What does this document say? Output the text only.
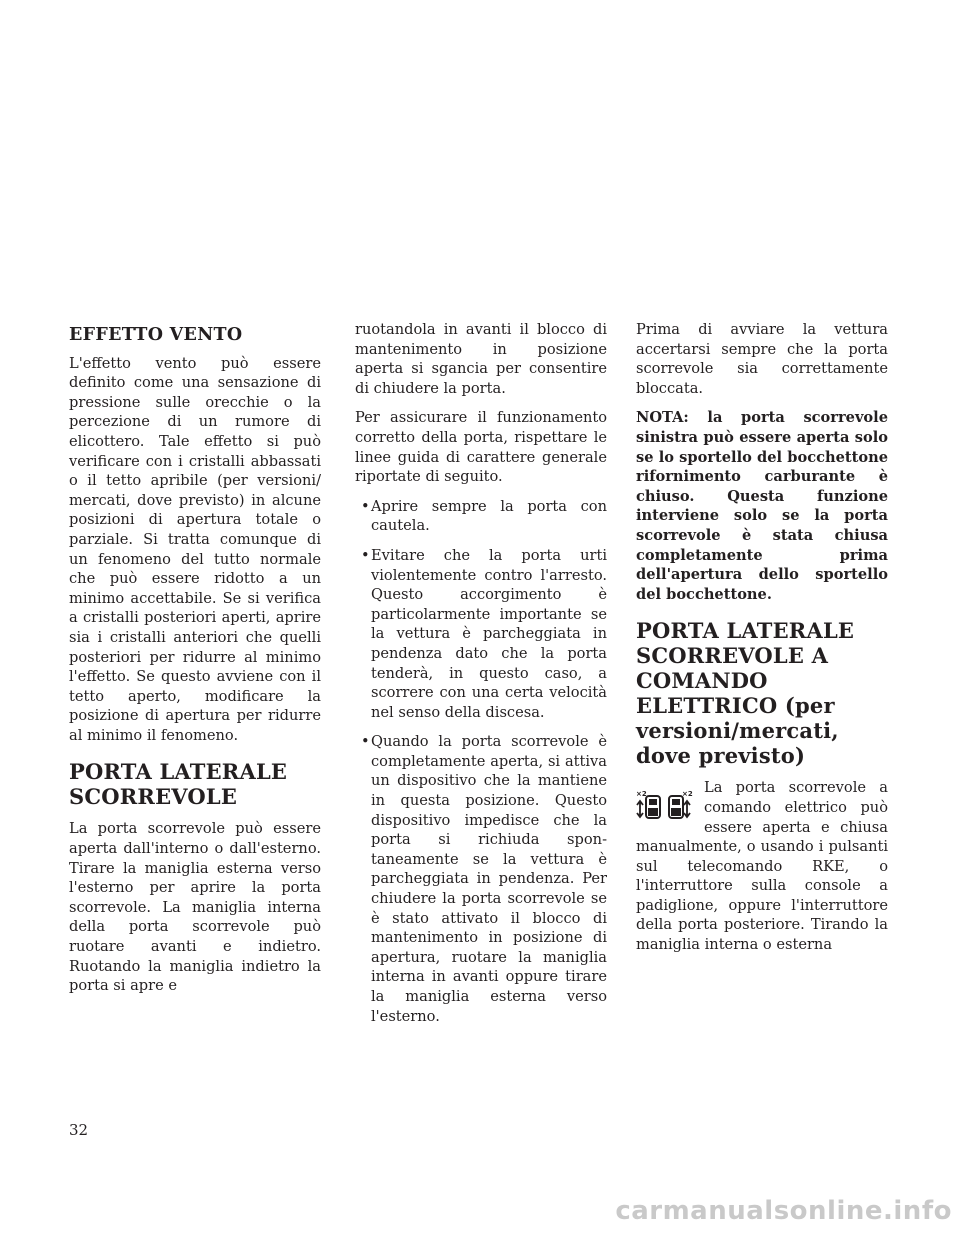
EFFETTO VENTO

L'effetto vento può essere definito come una sensazione di pressione sulle orecchie o la percezione di un rumore di elicottero. Tale effetto si può verificare con i cristalli abbassati o il tetto apribile (per versioni/ mercati, dove previsto) in alcune posizioni di apertura totale o parziale. Si tratta comunque di un fenomeno del tutto normale che può essere ridotto a un minimo accettabile. Se si verifica a cristalli posteriori aperti, aprire sia i cristalli anteriori che quelli posteriori per ridurre al minimo l'effetto. Se questo avviene con il tetto aperto, modificare la posizione di apertura per ridurre al minimo il fenomeno.

PORTA LATERALE SCORREVOLE

La porta scorrevole può essere aperta dall'interno o dall'esterno. Tirare la maniglia esterna verso l'esterno per aprire la porta scorrevole. La maniglia interna della porta scorrevole può ruotare avanti e indietro. Ruotando la maniglia indietro la porta si apre e

ruotandola in avanti il blocco di mantenimento in posizione aperta si sgancia per consentire di chiudere la porta.

Per assicurare il funzionamento corretto della porta, rispettare le linee guida di carattere generale riportate di seguito.

•Aprire sempre la porta con cautela.
•Evitare che la porta urti violentemente contro l'arresto. Questo accorgimento è particolarmente importante se la vettura è parcheggiata in pendenza dato che la porta tenderà, in questo caso, a scorrere con una certa velocità nel senso della discesa.
•Quando la porta scorrevole è completamente aperta, si attiva un dispositivo che la mantiene in questa posizione. Questo dispositivo impedisce che la porta si richiuda spontaneamente se la vettura è parcheggiata in pendenza. Per chiudere la porta scorrevole se è stato attivato il blocco di mantenimento in posizione di apertura, ruotare la maniglia interna in avanti oppure tirare la maniglia esterna verso l'esterno.

Prima di avviare la vettura accertarsi sempre che la porta scorrevole sia correttamente bloccata.

NOTA: la porta scorrevole sinistra può essere aperta solo se lo sportello del bocchettone rifornimento carburante è chiuso. Questa funzione interviene solo se la porta scorrevole è stata chiusa completamente prima dell'apertura dello sportello del bocchettone.

PORTA LATERALE SCORREVOLE A COMANDO ELETTRICO (per versioni/mercati, dove previsto)
×2	×2 La porta scorrevole a comando elettrico può essere aperta e chiusa manualmente, o usando i pulsanti sul telecomando RKE, o l'interruttore sulla console a padiglione, oppure l'interruttore della porta posteriore. Tirando la maniglia interna o esterna

32
carmanualsonline.info
